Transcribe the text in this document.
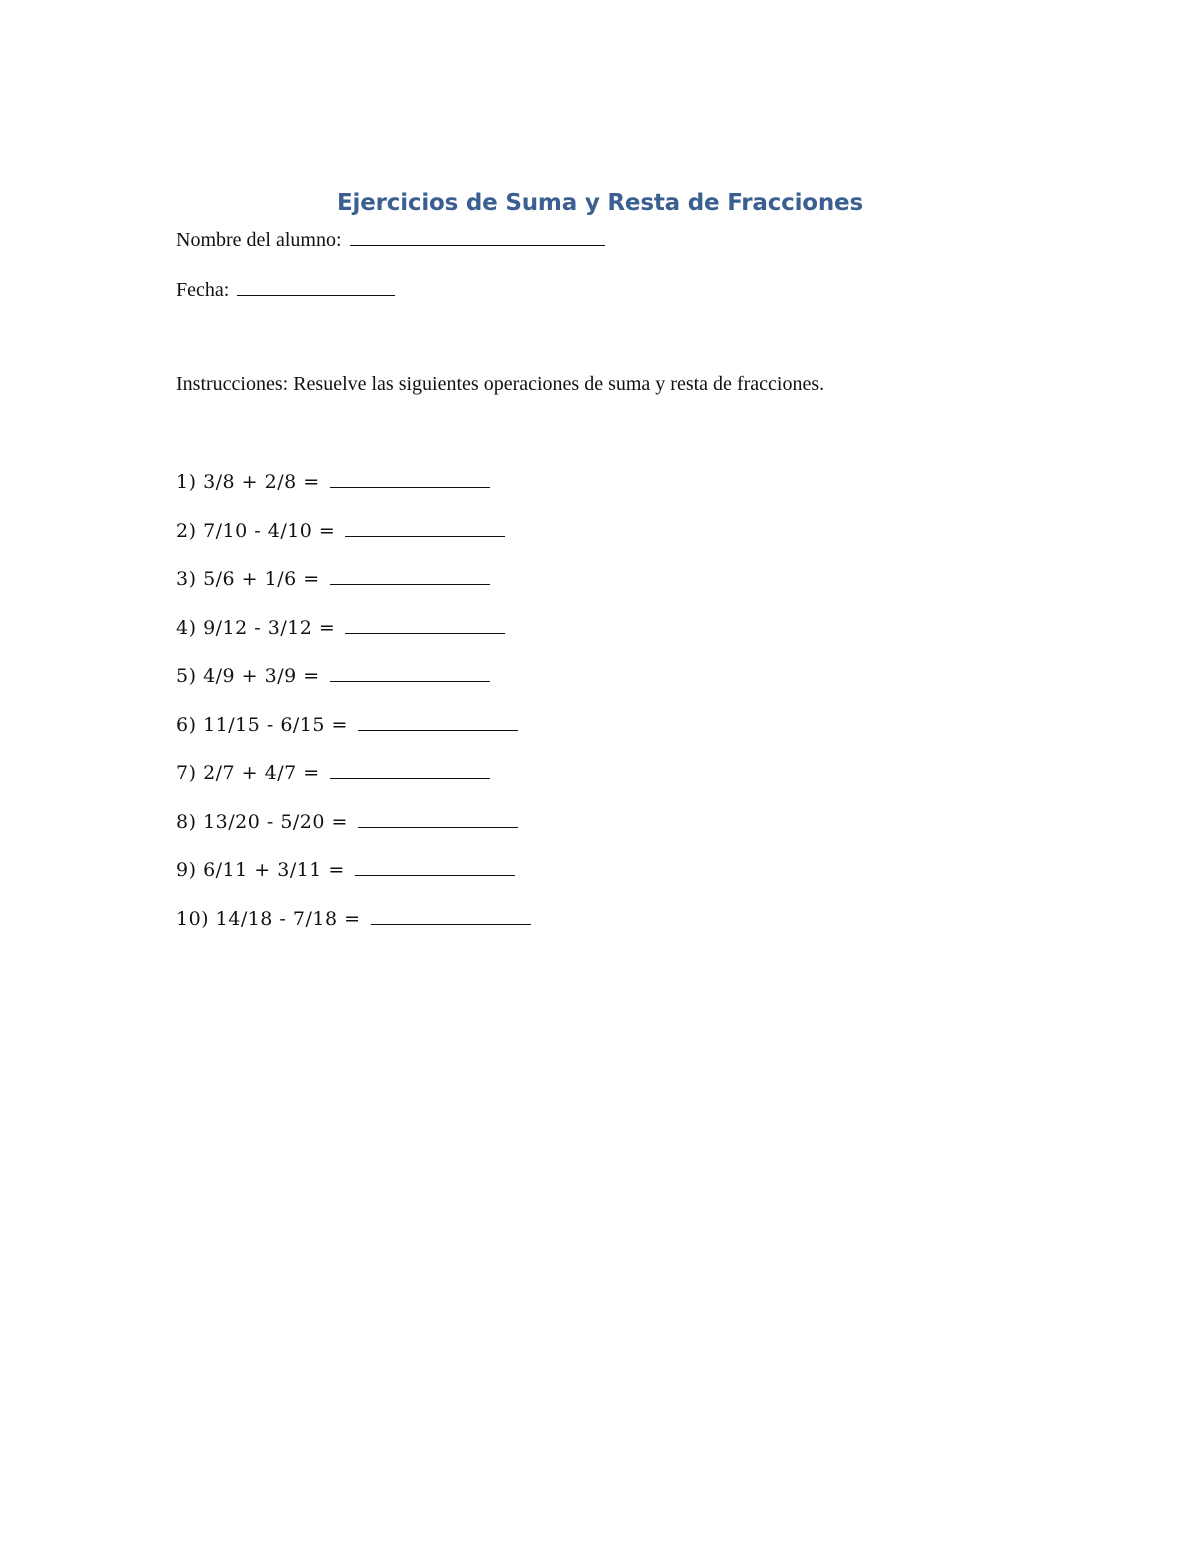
Ejercicios de Suma y Resta de Fracciones
Nombre del alumno:
Fecha:
Instrucciones: Resuelve las siguientes operaciones de suma y resta de fracciones.
1)
3/8 + 2/8 =
2)
7/10 - 4/10 =
3)
5/6 + 1/6 =
4)
9/12 - 3/12 =
5)
4/9 + 3/9 =
6)
11/15 - 6/15 =
7)
2/7 + 4/7 =
8)
13/20 - 5/20 =
9)
6/11 + 3/11 =
10)
14/18 - 7/18 =
